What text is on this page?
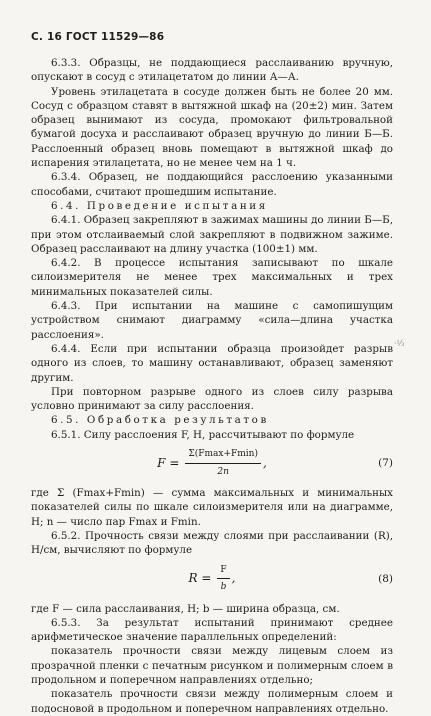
С. 16 ГОСТ 11529—86
·¹⁄₃

6.3.3. Образцы, не поддающиеся расслаиванию вручную, опускают в сосуд с этилацетатом до линии А—А.

Уровень этилацетата в сосуде должен быть не более 20 мм. Сосуд с образцом ставят в вытяжной шкаф на (20±2) мин. Затем образец вынимают из сосуда, промокают фильтровальной бумагой досуха и расслаивают образец вручную до линии Б—Б. Расслоенный образец вновь помещают в вытяжной шкаф до испарения этилацетата, но не менее чем на 1 ч.

6.3.4. Образец, не поддающийся расслоению указанными способами, считают прошедшим испытание.

6.4. Проведение испытания

6.4.1. Образец закрепляют в зажимах машины до линии Б—Б, при этом отслаиваемый слой закрепляют в подвижном зажиме. Образец расслаивают на длину участка (100±1) мм.

6.4.2. В процессе испытания записывают по шкале силоизмерителя не менее трех максимальных и трех минимальных показателей силы.

6.4.3. При испытании на машине с самопишущим устройством снимают диаграмму «сила—длина участка расслоения».

6.4.4. Если при испытании образца произойдет разрыв одного из слоев, то машину останавливают, образец заменяют другим.

При повторном разрыве одного из слоев силу разрыва условно принимают за силу расслоения.

6.5. Обработка результатов

6.5.1. Силу расслоения F, Н, рассчитывают по формуле

$F = \frac{\Sigma(Fmax+Fmin)}{2n}$ ,	(7)

где Σ (Fmax+Fmin) — сумма максимальных и минимальных показателей силы по шкале силоизмерителя или на диаграмме, Н; n — число пар Fmax и Fmin.

6.5.2. Прочность связи между слоями при расслаивании (R), Н/см, вычисляют по формуле

$R = \frac{F}{b}$ ,	(8)

где F — сила расслаивания, Н; b — ширина образца, см.

6.5.3. За результат испытаний принимают среднее арифметическое значение параллельных определений:

показатель прочности связи между лицевым слоем из прозрачной пленки с печатным рисунком и полимерным слоем в продольном и поперечном направлениях отдельно;

показатель прочности связи между полимерным слоем и подосновой в продольном и поперечном направлениях отдельно.
